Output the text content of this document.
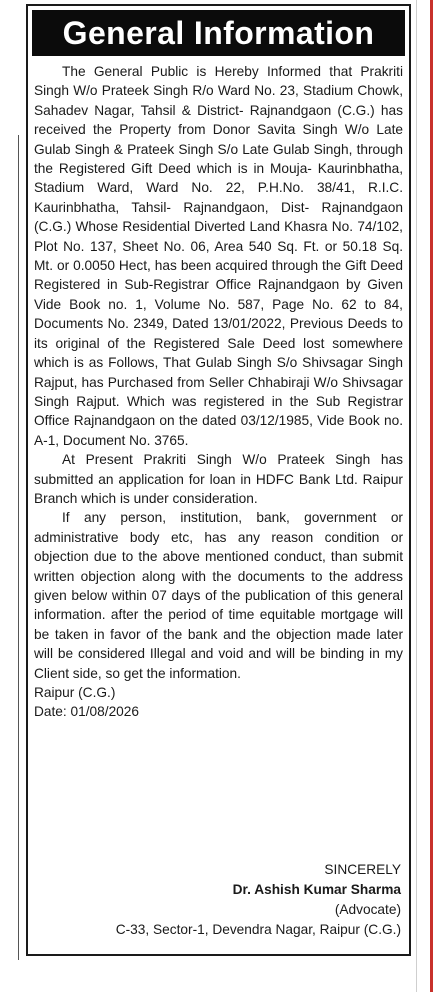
General Information

The General Public is Hereby Informed that Prakriti Singh W/o Prateek Singh R/o Ward No. 23, Stadium Chowk, Sahadev Nagar, Tahsil & District- Rajnandgaon (C.G.) has received the Property from Donor Savita Singh W/o Late Gulab Singh & Prateek Singh S/o Late Gulab Singh, through the Registered Gift Deed which is in Mouja- Kaurinbhatha, Stadium Ward, Ward No. 22, P.H.No. 38/41, R.I.C. Kaurinbhatha, Tahsil- Rajnandgaon, Dist- Rajnandgaon (C.G.) Whose Residential Diverted Land Khasra No. 74/102, Plot No. 137, Sheet No. 06, Area 540 Sq. Ft. or 50.18 Sq. Mt. or 0.0050 Hect, has been acquired through the Gift Deed Registered in Sub-Registrar Office Rajnandgaon by Given Vide Book no. 1, Volume No. 587, Page No. 62 to 84, Documents No. 2349, Dated 13/01/2022, Previous Deeds to its original of the Registered Sale Deed lost somewhere which is as Follows, That Gulab Singh S/o Shivsagar Singh Rajput, has Purchased from Seller Chhabiraji W/o Shivsagar Singh Rajput. Which was registered in the Sub Registrar Office Rajnandgaon on the dated 03/12/1985, Vide Book no. A-1, Document No. 3765.

At Present Prakriti Singh W/o Prateek Singh has submitted an application for loan in HDFC Bank Ltd. Raipur Branch which is under consideration.

If any person, institution, bank, government or administrative body etc, has any reason condition or objection due to the above mentioned conduct, than submit written objection along with the documents to the address given below within 07 days of the publication of this general information. after the period of time equitable mortgage will be taken in favor of the bank and the objection made later will be considered Illegal and void and will be binding in my Client side, so get the information.

Raipur (C.G.)

Date: 01/08/2026

SINCERELY
Dr. Ashish Kumar Sharma
(Advocate)
C-33, Sector-1, Devendra Nagar, Raipur (C.G.)
